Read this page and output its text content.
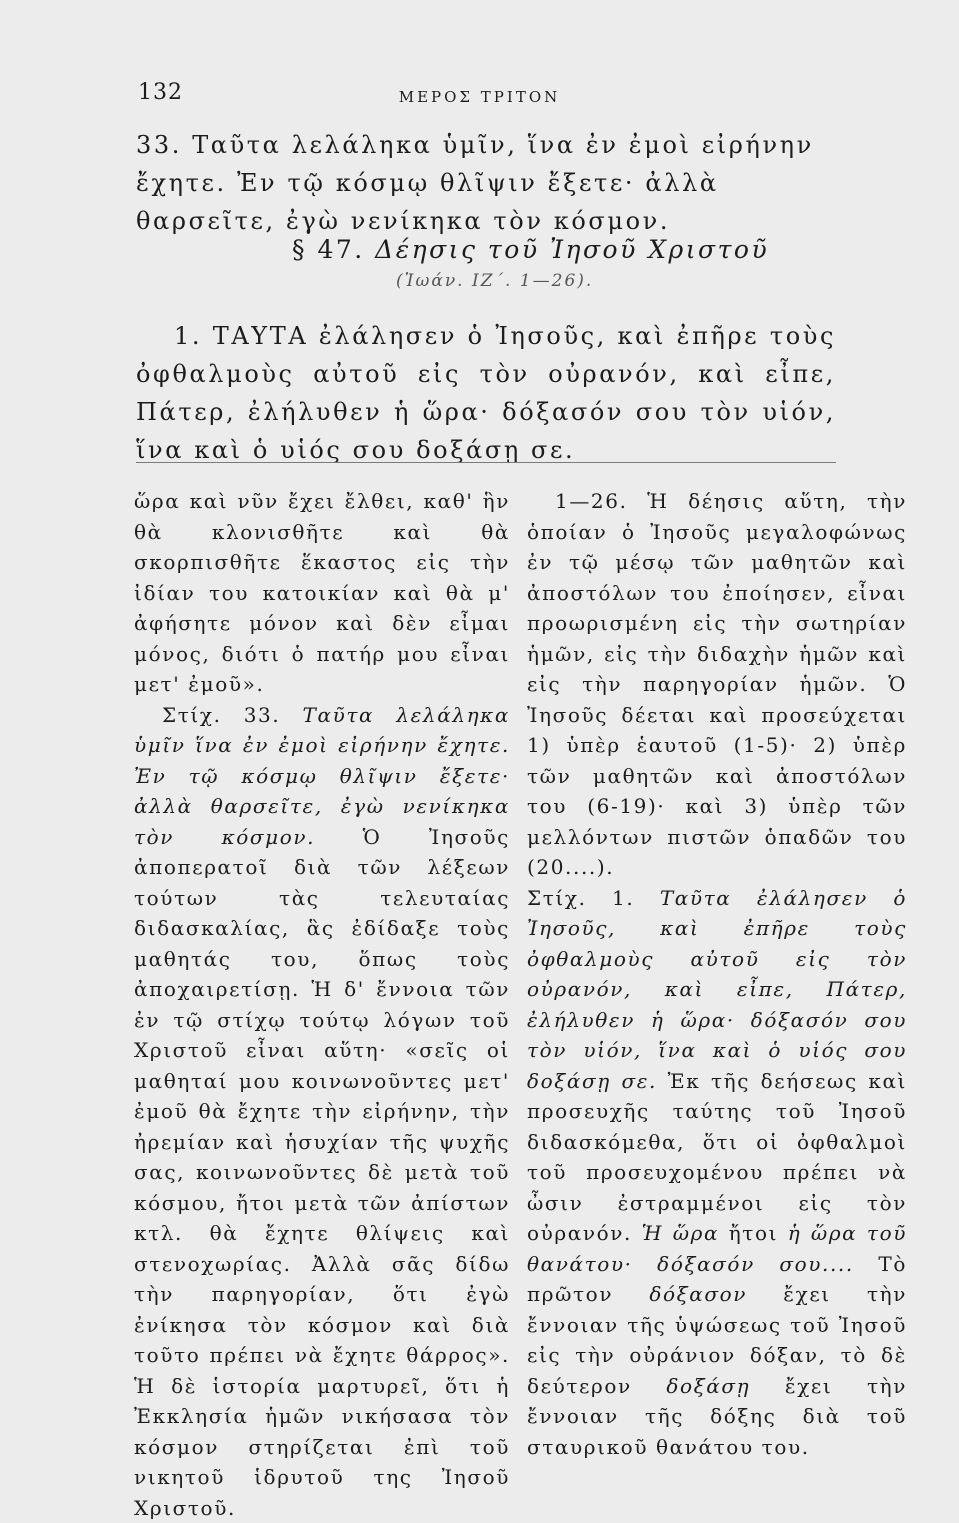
132	ΜΕΡΟΣ ΤΡΙΤΟΝ
33. Ταῦτα λελάληκα ὑμῖν, ἵνα ἐν ἐμοὶ εἰρήνην ἔχητε. Ἐν τῷ κόσμῳ θλῖψιν ἔξετε· ἀλλὰ θαρσεῖτε, ἐγὼ νενίκηκα τὸν κόσμον.
§ 47. Δέησις τοῦ Ἰησοῦ Χριστοῦ
(Ἰωάν. ΙΖ΄. 1—26).
1. ΤΑΥΤΑ ἐλάλησεν ὁ Ἰησοῦς, καὶ ἐπῆρε τοὺς ὀφθαλμοὺς αὐτοῦ εἰς τὸν οὐρανόν, καὶ εἶπε, Πάτερ, ἐλήλυθεν ἡ ὥρα· δόξασόν σου τὸν υἱόν, ἵνα καὶ ὁ υἱός σου δοξάσῃ σε.

ὥρα καὶ νῦν ἔχει ἔλθει, καθ' ἣν θὰ κλονισθῆτε καὶ θὰ σκορπισθῆτε ἕκαστος εἰς τὴν ἰδίαν του κατοικίαν καὶ θὰ μ' ἀφήσητε μόνον καὶ δὲν εἶμαι μόνος, διότι ὁ πατήρ μου εἶναι μετ' ἐμοῦ».

Στίχ. 33. Ταῦτα λελάληκα ὑμῖν ἵνα ἐν ἐμοὶ εἰρήνην ἔχητε. Ἐν τῷ κόσμῳ θλῖψιν ἔξετε· ἀλλὰ θαρσεῖτε, ἐγὼ νενίκηκα τὸν κόσμον. Ὁ Ἰησοῦς ἀποπερατοῖ διὰ τῶν λέξεων τούτων τὰς τελευταίας διδασκαλίας, ἃς ἐδίδαξε τοὺς μαθητάς του, ὅπως τοὺς ἀποχαιρετίσῃ. Ἡ δ' ἔννοια τῶν ἐν τῷ στίχῳ τούτῳ λόγων τοῦ Χριστοῦ εἶναι αὕτη· «σεῖς οἱ μαθηταί μου κοινωνοῦντες μετ' ἐμοῦ θὰ ἔχητε τὴν εἰρήνην, τὴν ἠρεμίαν καὶ ἡσυχίαν τῆς ψυχῆς σας, κοινωνοῦντες δὲ μετὰ τοῦ κόσμου, ἤτοι μετὰ τῶν ἀπίστων κτλ. θὰ ἔχητε θλίψεις καὶ στενοχωρίας. Ἀλλὰ σᾶς δίδω τὴν παρηγορίαν, ὅτι ἐγὼ ἐνίκησα τὸν κόσμον καὶ διὰ τοῦτο πρέπει νὰ ἔχητε θάρρος». Ἡ δὲ ἱστορία μαρτυρεῖ, ὅτι ἡ Ἐκκλησία ἡμῶν νικήσασα τὸν κόσμον στηρίζεται ἐπὶ τοῦ νικητοῦ ἱδρυτοῦ της Ἰησοῦ Χριστοῦ.

1—26. Ἡ δέησις αὕτη, τὴν ὁποίαν ὁ Ἰησοῦς μεγαλοφώνως ἐν τῷ μέσῳ τῶν μαθητῶν καὶ ἀποστόλων του ἐποίησεν, εἶναι προωρισμένη εἰς τὴν σωτηρίαν ἡμῶν, εἰς τὴν διδαχὴν ἡμῶν καὶ εἰς τὴν παρηγορίαν ἡμῶν. Ὁ Ἰησοῦς δέεται καὶ προσεύχεται 1) ὑπὲρ ἑαυτοῦ (1-5)· 2) ὑπὲρ τῶν μαθητῶν καὶ ἀποστόλων του (6-19)· καὶ 3) ὑπὲρ τῶν μελλόντων πιστῶν ὁπαδῶν του (20....).

Στίχ. 1. Ταῦτα ἐλάλησεν ὁ Ἰησοῦς, καὶ ἐπῆρε τοὺς ὀφθαλμοὺς αὐτοῦ εἰς τὸν οὐρανόν, καὶ εἶπε, Πάτερ, ἐλήλυθεν ἡ ὥρα· δόξασόν σου τὸν υἱόν, ἵνα καὶ ὁ υἱός σου δοξάσῃ σε. Ἐκ τῆς δεήσεως καὶ προσευχῆς ταύτης τοῦ Ἰησοῦ διδασκόμεθα, ὅτι οἱ ὀφθαλμοὶ τοῦ προσευχομένου πρέπει νὰ ὦσιν ἐστραμμένοι εἰς τὸν οὐρανόν. Ἡ ὥρα ἤτοι ἡ ὥρα τοῦ θανάτου· δόξασόν σου.... Τὸ πρῶτον δόξασον ἔχει τὴν ἔννοιαν τῆς ὑψώσεως τοῦ Ἰησοῦ εἰς τὴν οὐράνιον δόξαν, τὸ δὲ δεύτερον δοξάσῃ ἔχει τὴν ἔννοιαν τῆς δόξης διὰ τοῦ σταυρικοῦ θανάτου του.
